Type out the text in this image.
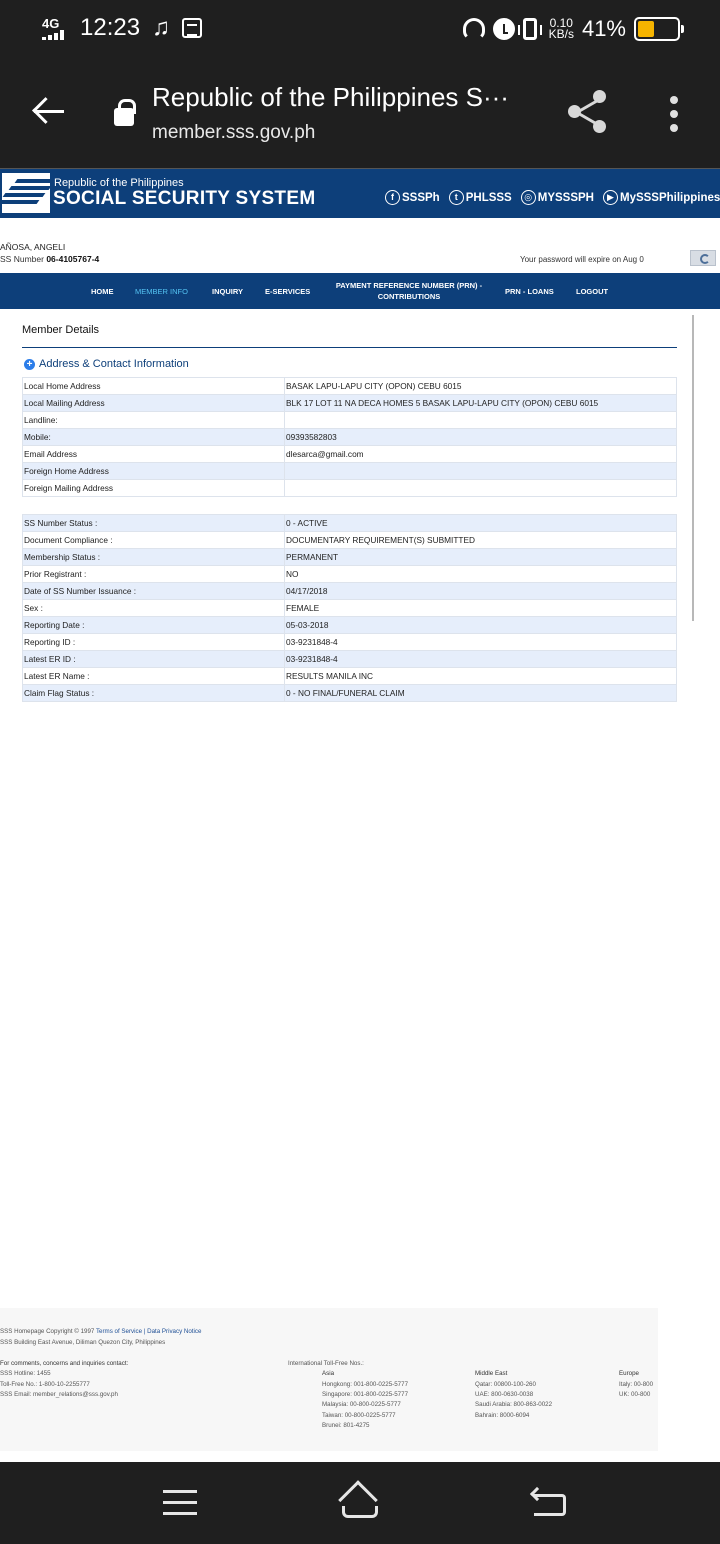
4G 12:23 ♫	0.10
KB/s 41%
Republic of the Philippines S···
member.sss.gov.ph
Republic of the Philippines
SOCIAL SECURITY SYSTEM	f SSSPh	t PHLSSS	◎ MYSSSPH	▶ MySSSPhilippines
AÑOSA, ANGELI
SS Number 06-4105767-4	Your password will expire on Aug 0
HOME	MEMBER INFO	INQUIRY	E-SERVICES
PAYMENT REFERENCE NUMBER (PRN) - CONTRIBUTIONS
PRN - LOANS	LOGOUT
Member Details
+ Address & Contact Information
Local Home Address	BASAK LAPU-LAPU CITY (OPON) CEBU 6015
Local Mailing Address	BLK 17 LOT 11 NA DECA HOMES 5 BASAK LAPU-LAPU CITY (OPON) CEBU 6015
Landline:	
Mobile:	09393582803
Email Address	dlesarca@gmail.com
Foreign Home Address	
Foreign Mailing Address	
SS Number Status :	0 - ACTIVE
Document Compliance :	DOCUMENTARY REQUIREMENT(S) SUBMITTED
Membership Status :	PERMANENT
Prior Registrant :	NO
Date of SS Number Issuance :	04/17/2018
Sex :	FEMALE
Reporting Date :	05-03-2018
Reporting ID :	03-9231848-4
Latest ER ID :	03-9231848-4
Latest ER Name :	RESULTS MANILA INC
Claim Flag Status :	0 - NO FINAL/FUNERAL CLAIM
SSS Homepage Copyright © 1997 Terms of Service | Data Privacy Notice
SSS Building East Avenue, Diliman Quezon City, Philippines
For comments, concerns and inquiries contact:
SSS Hotline: 1455
Toll-Free No.: 1-800-10-2255777
SSS Email: member_relations@sss.gov.ph
International Toll-Free Nos.:
Asia
Hongkong: 001-800-0225-5777
Singapore: 001-800-0225-5777
Malaysia: 00-800-0225-5777
Taiwan: 00-800-0225-5777
Brunei: 801-4275
Middle East
Qatar: 00800-100-260
UAE: 800-0630-0038
Saudi Arabia: 800-863-0022
Bahrain: 8000-6094
Europe
Italy: 00-800
UK: 00-800
